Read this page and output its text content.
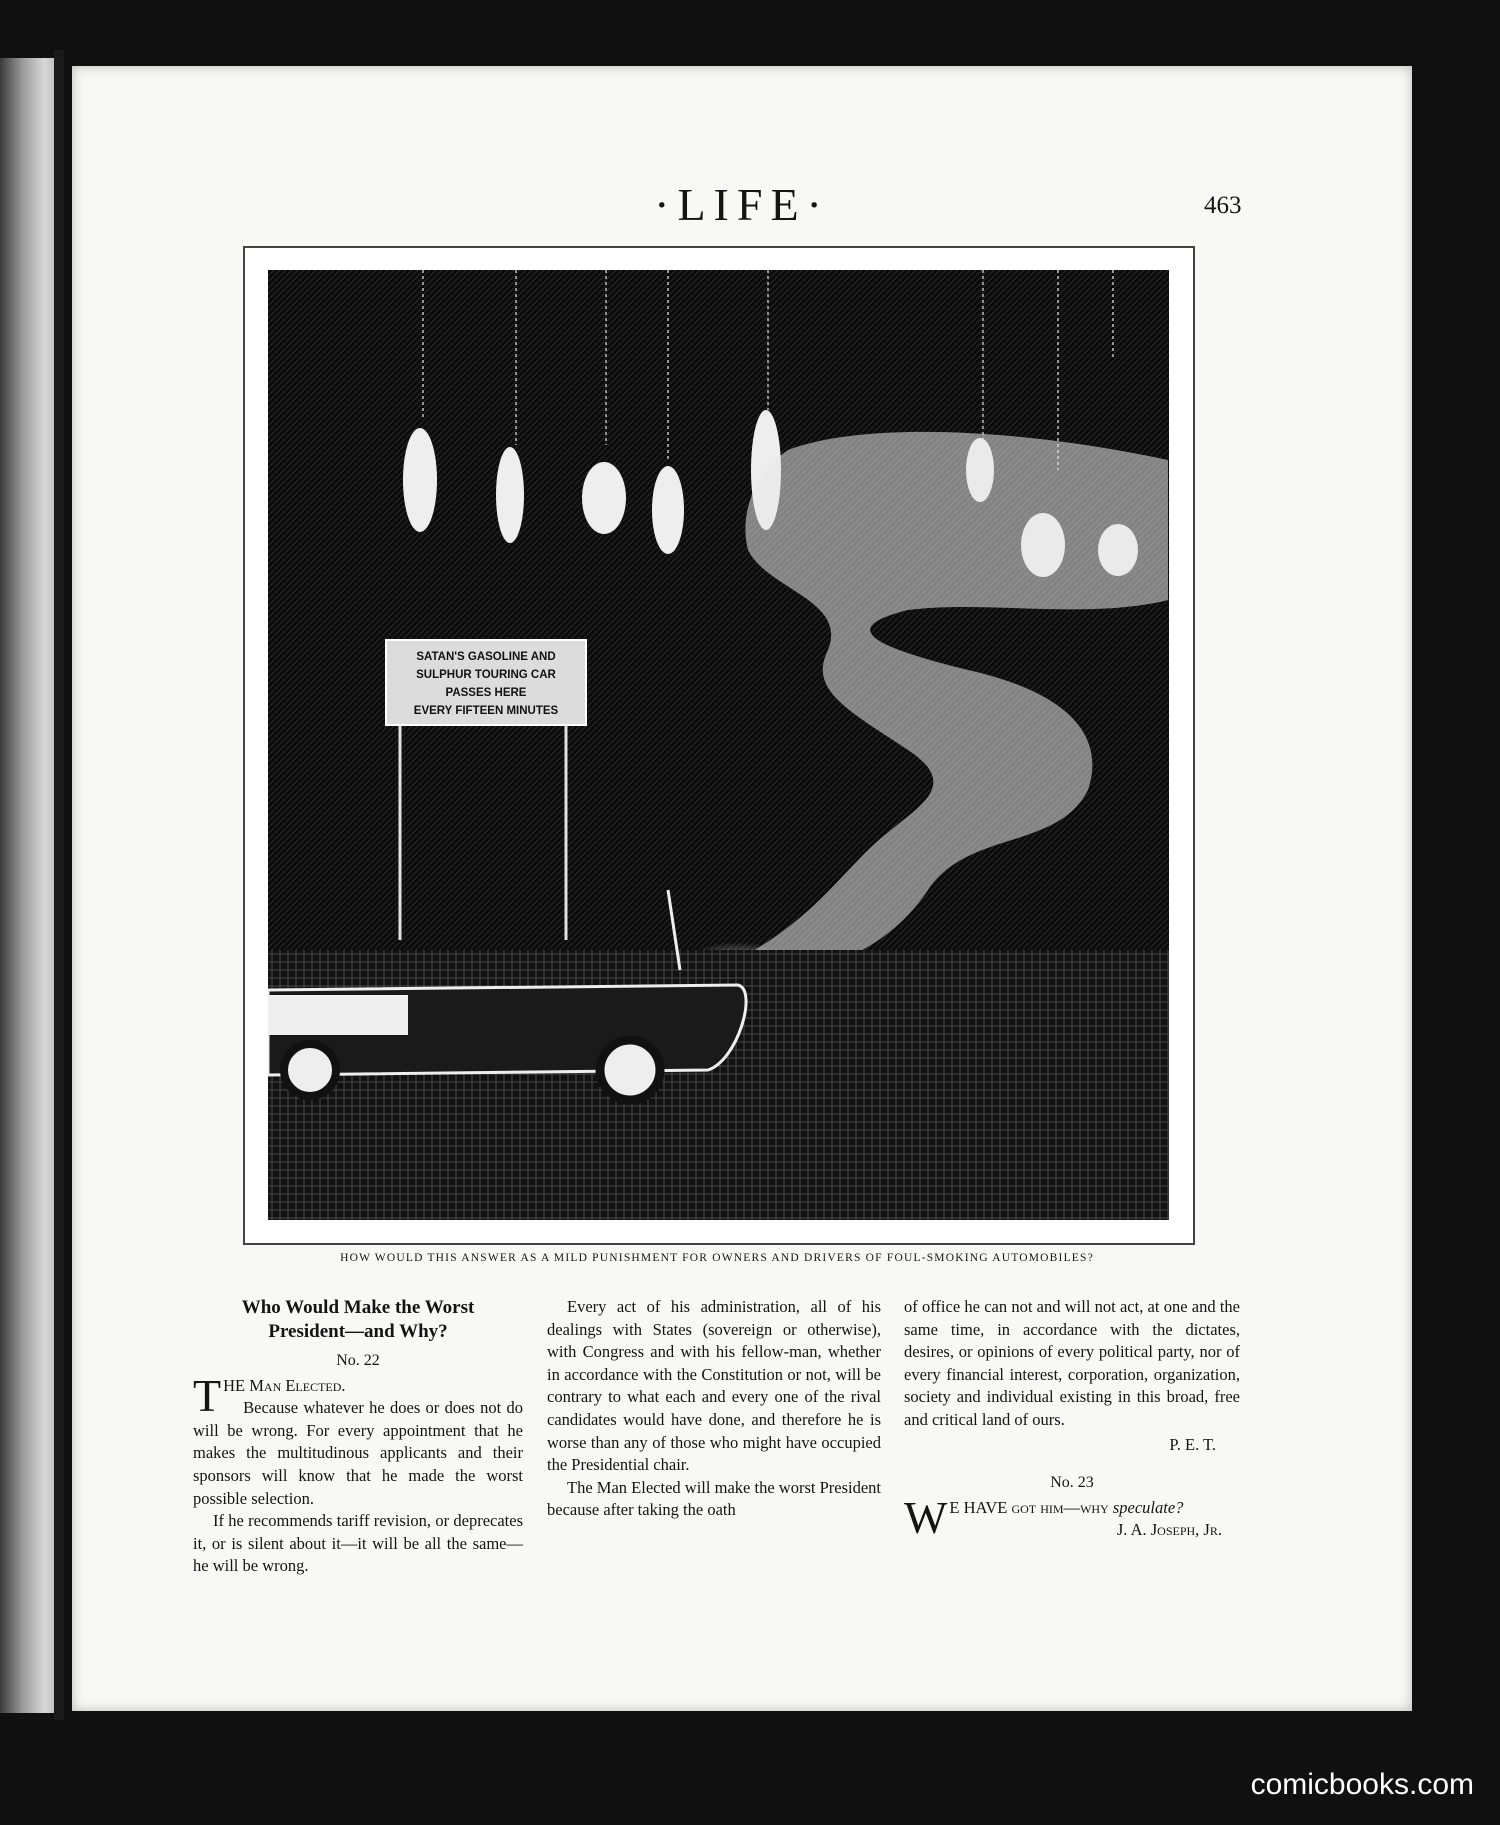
·LIFE·	463
SATAN'S GASOLINE AND
SULPHUR TOURING CAR
PASSES HERE
EVERY FIFTEEN MINUTES
HOW WOULD THIS ANSWER AS A MILD PUNISHMENT FOR OWNERS AND DRIVERS OF FOUL-SMOKING AUTOMOBILES?
Who Would Make the Worst President—and Why?
No. 22

THE Man Elected.

Because whatever he does or does not do will be wrong. For every appointment that he makes the multitudinous applicants and their sponsors will know that he made the worst possible selection.

If he recommends tariff revision, or deprecates it, or is silent about it—it will be all the same—he will be wrong.

Every act of his administration, all of his dealings with States (sovereign or otherwise), with Congress and with his fellow-man, whether in accordance with the Constitution or not, will be contrary to what each and every one of the rival candidates would have done, and therefore he is worse than any of those who might have occupied the Presidential chair.

The Man Elected will make the worst President because after taking the oath

of office he can not and will not act, at one and the same time, in accordance with the dictates, desires, or opinions of every political party, nor of every financial interest, corporation, organization, society and individual existing in this broad, free and critical land of ours.

P. E. T.
No. 23

W E HAVE got him—why speculate?

J. A. Joseph, Jr.
comicbooks.com
